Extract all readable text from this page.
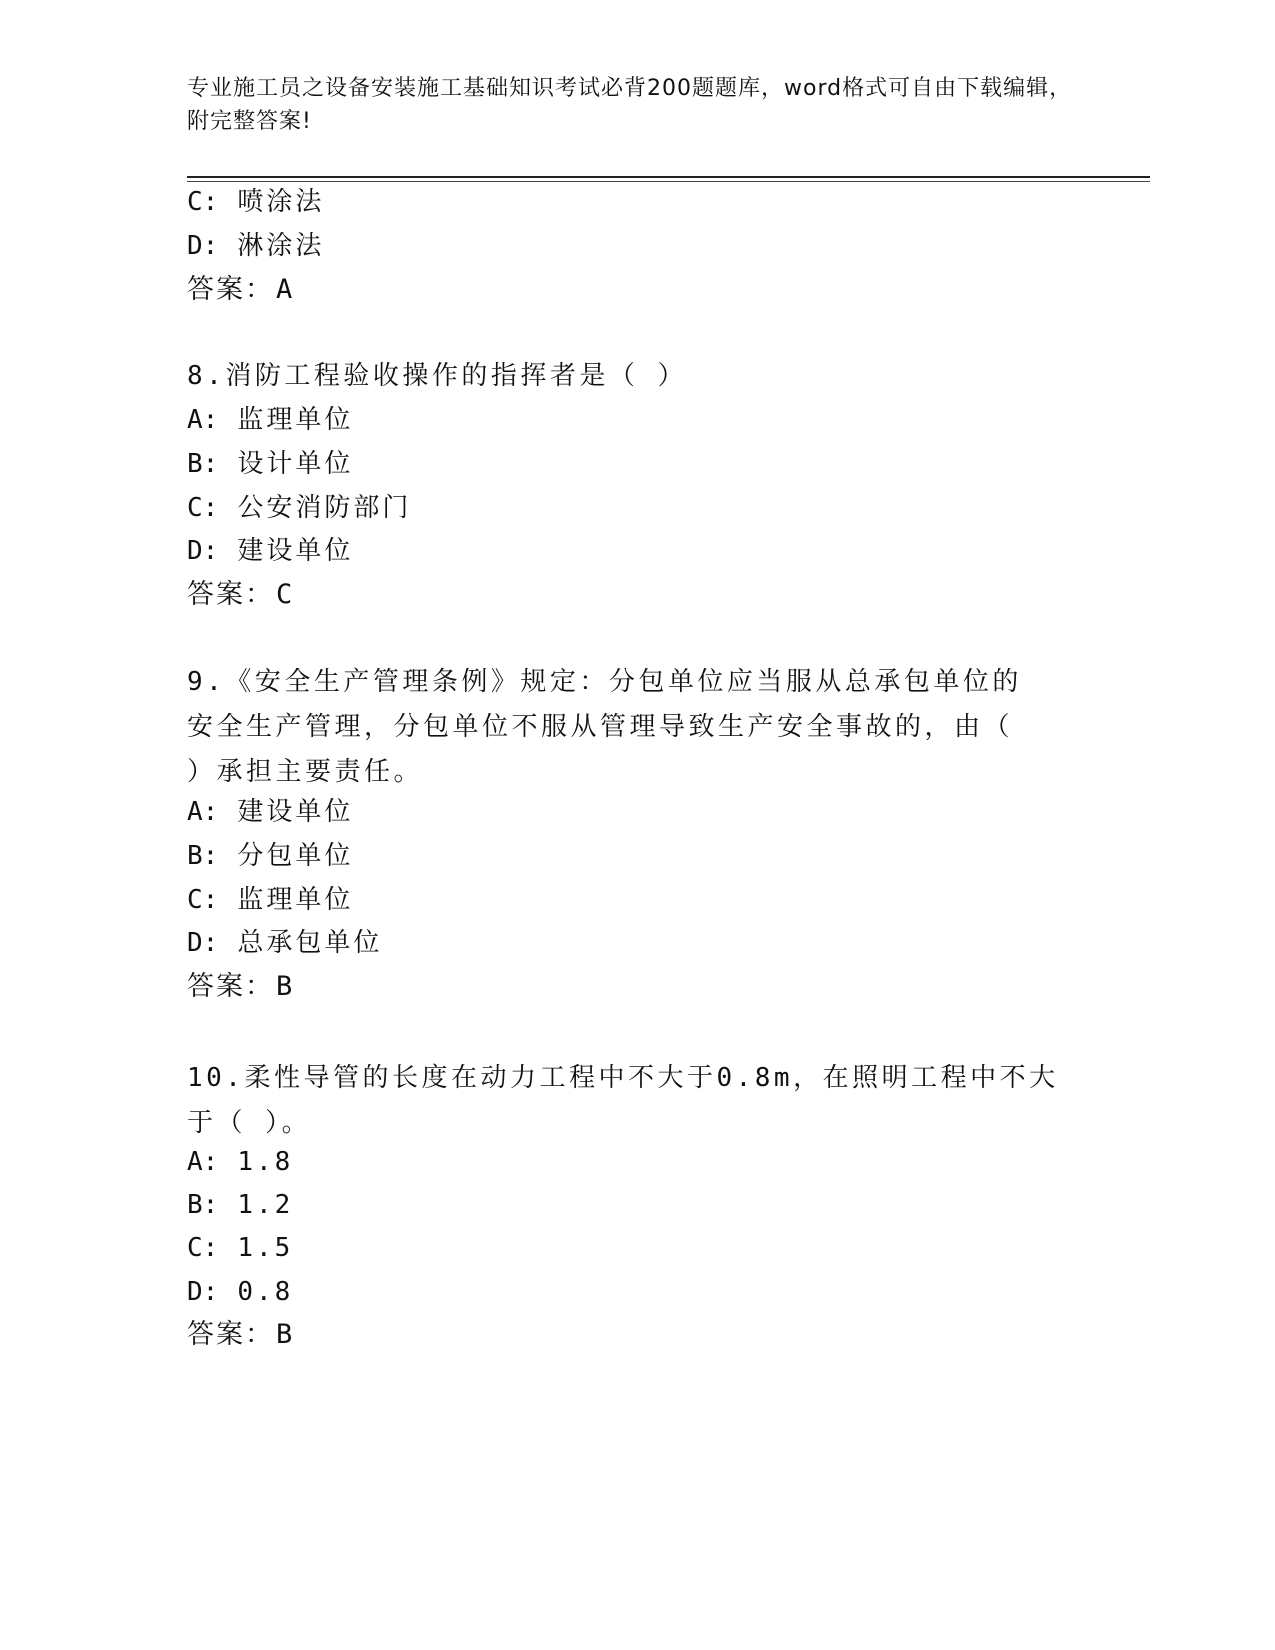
专业施工员之设备安装施工基础知识考试必背200题题库，word格式可自由下载编辑，附完整答案!
C: 喷涂法
D: 淋涂法
答案：A
8.消防工程验收操作的指挥者是（ ）
A: 监理单位
B: 设计单位
C: 公安消防部门
D: 建设单位
答案：C
9.《安全生产管理条例》规定：分包单位应当服从总承包单位的安全生产管理，分包单位不服从管理导致生产安全事故的，由（ ）承担主要责任。
A: 建设单位
B: 分包单位
C: 监理单位
D: 总承包单位
答案：B
10.柔性导管的长度在动力工程中不大于0.8m，在照明工程中不大于（ ）。
A: 1.8
B: 1.2
C: 1.5
D: 0.8
答案：B
